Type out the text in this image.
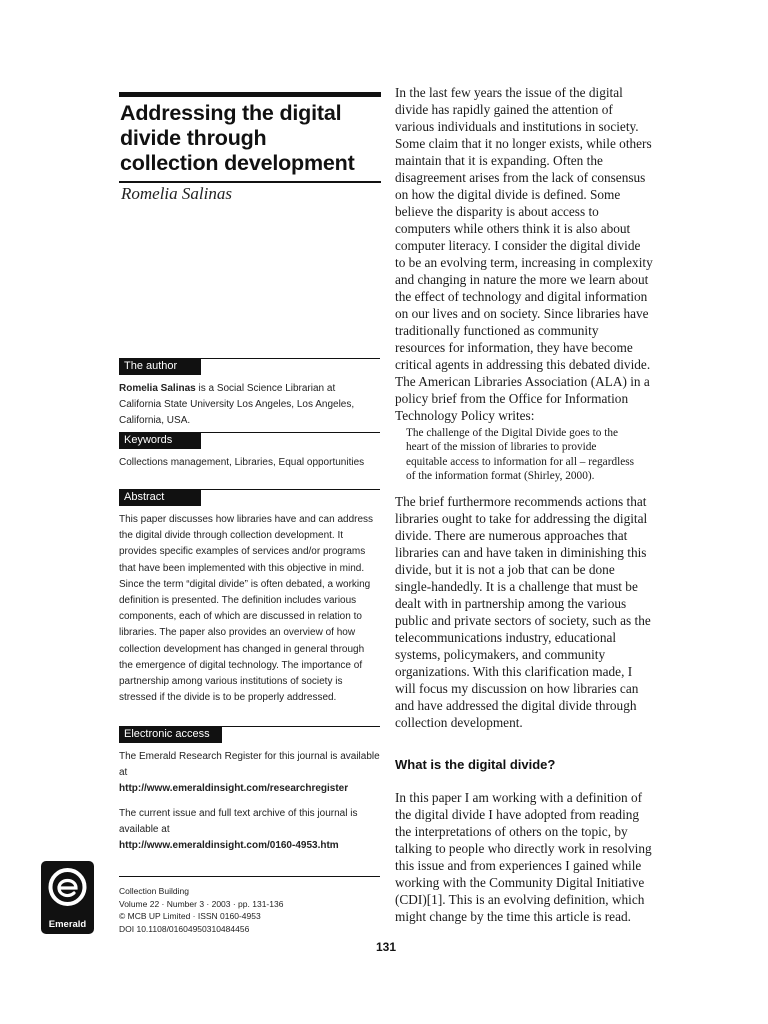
Addressing the digital
divide through
collection development
Romelia Salinas
The author

Romelia Salinas is a Social Science Librarian at California State University Los Angeles, Los Angeles, California, USA.

Keywords
Collections management, Libraries, Equal opportunities
Abstract
This paper discusses how libraries have and can address the digital divide through collection development. It provides specific examples of services and/or programs that have been implemented with this objective in mind. Since the term “digital divide” is often debated, a working definition is presented. The definition includes various components, each of which are discussed in relation to libraries. The paper also provides an overview of how collection development has changed in general through the emergence of digital technology. The importance of partnership among various institutions of society is stressed if the divide is to be properly addressed.
Electronic access

The Emerald Research Register for this journal is available at

http://www.emeraldinsight.com/researchregister

The current issue and full text archive of this journal is available at

http://www.emeraldinsight.com/0160-4953.htm

Emerald
Collection Building
Volume 22 · Number 3 · 2003 · pp. 131-136
© MCB UP Limited · ISSN 0160-4953
DOI 10.1108/01604950310484456
In the last few years the issue of the digital
divide has rapidly gained the attention of
various individuals and institutions in society.
Some claim that it no longer exists, while others
maintain that it is expanding. Often the
disagreement arises from the lack of consensus
on how the digital divide is defined. Some
believe the disparity is about access to
computers while others think it is also about
computer literacy. I consider the digital divide
to be an evolving term, increasing in complexity
and changing in nature the more we learn about
the effect of technology and digital information
on our lives and on society. Since libraries have
traditionally functioned as community
resources for information, they have become
critical agents in addressing this debated divide.
The American Libraries Association (ALA) in a
policy brief from the Office for Information
Technology Policy writes:
The challenge of the Digital Divide goes to the
heart of the mission of libraries to provide
equitable access to information for all – regardless
of the information format (Shirley, 2000).
The brief furthermore recommends actions that
libraries ought to take for addressing the digital
divide. There are numerous approaches that
libraries can and have taken in diminishing this
divide, but it is not a job that can be done
single-handedly. It is a challenge that must be
dealt with in partnership among the various
public and private sectors of society, such as the
telecommunications industry, educational
systems, policymakers, and community
organizations. With this clarification made, I
will focus my discussion on how libraries can
and have addressed the digital divide through
collection development.
What is the digital divide?
In this paper I am working with a definition of
the digital divide I have adopted from reading
the interpretations of others on the topic, by
talking to people who directly work in resolving
this issue and from experiences I gained while
working with the Community Digital Initiative
(CDI)[1]. This is an evolving definition, which
might change by the time this article is read.
131
